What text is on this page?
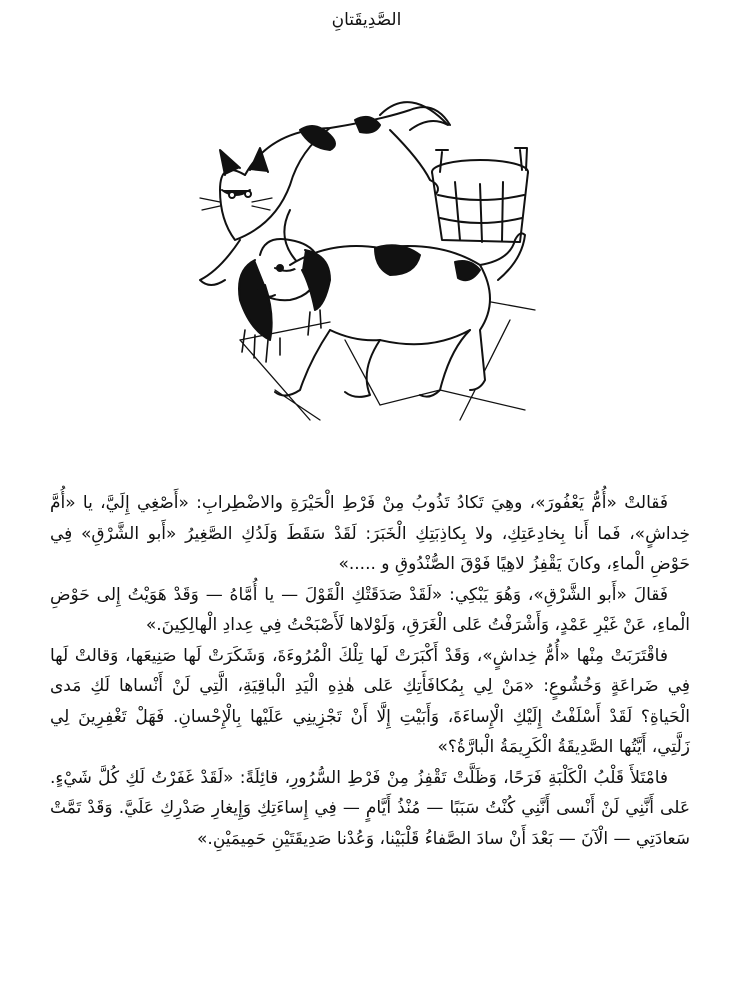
الصَّدِيقَتانِ

فَقالتْ «أُمُّ يَعْفُورَ»، وهِيَ تَكادُ تَذُوبُ مِنْ فَرْطِ الْحَيْرَةِ والاضْطِرابِ: «أَصْغِي إِلَيَّ، يا «أُمَّ خِداشٍ»، فَما أَنا بِخادِعَتِكِ، ولا بِكاذِبَتِكِ الْخَبَرَ: لَقَدْ سَقَطَ وَلَدُكِ الصَّغِيرُ «أَبو الشَّرْقِ» فِي حَوْضِ الْماءِ، وكانَ يَقْفِزُ لاهِيًا فَوْقَ الصُّنْدُوقِ و .....»

فَقالَ «أَبو الشَّرْقِ»، وَهُوَ يَبْكِي: «لَقَدْ صَدَقَتْكِ الْقَوْلَ — يا أُمَّاهُ — وَقَدْ هَوَيْتُ إِلى حَوْضِ الْماءِ، عَنْ غَيْرِ عَمْدٍ، وَأَشْرَفْتُ عَلى الْغَرَقِ، وَلَوْلاها لَأَصْبَحْتُ فِي عِدادِ الْهالِكِينَ.»

فاقْتَرَبَتْ مِنْها «أُمُّ خِداشٍ»، وَقَدْ أَكْبَرَتْ لَها تِلْكَ الْمُرُوءَةَ، وَشَكَرَتْ لَها صَنِيعَها، وَقالتْ لَها فِي ضَراعَةٍ وَخُشُوعٍ: «مَنْ لِي بِمُكافَأَتِكِ عَلى هٰذِهِ الْيَدِ الْباقِيَةِ، الَّتِي لَنْ أَنْساها لَكِ مَدى الْحَياةِ؟ لَقَدْ أَسْلَفْتُ إِلَيْكِ الْإِساءَةَ، وَأَبَيْتِ إِلَّا أَنْ تَجْزِينِي عَلَيْها بِالْإِحْسانِ. فَهَلْ تَغْفِرِينَ لِي زَلَّتِي، أَيَّتُها الصَّدِيقَةُ الْكَرِيمَةُ الْبارَّةُ؟»

فامْتَلأَ قَلْبُ الْكَلْبَةِ فَرَحًا، وَظَلَّتْ تَقْفِزُ مِنْ فَرْطِ السُّرُورِ، قائِلَةً: «لَقَدْ غَفَرْتُ لَكِ كُلَّ شَيْءٍ. عَلى أَنَّنِي لَنْ أَنْسى أَنَّنِي كُنْتُ سَبَبًا — مُنْذُ أَيَّامٍ — فِي إِساءَتِكِ وَإِيغارِ صَدْرِكِ عَلَيَّ. وَقَدْ تَمَّتْ سَعادَتِي — الْآنَ — بَعْدَ أَنْ سادَ الصَّفاءُ قَلْبَيْنا، وَعُدْنا صَدِيقَتَيْنِ حَمِيمَيْنِ.»
